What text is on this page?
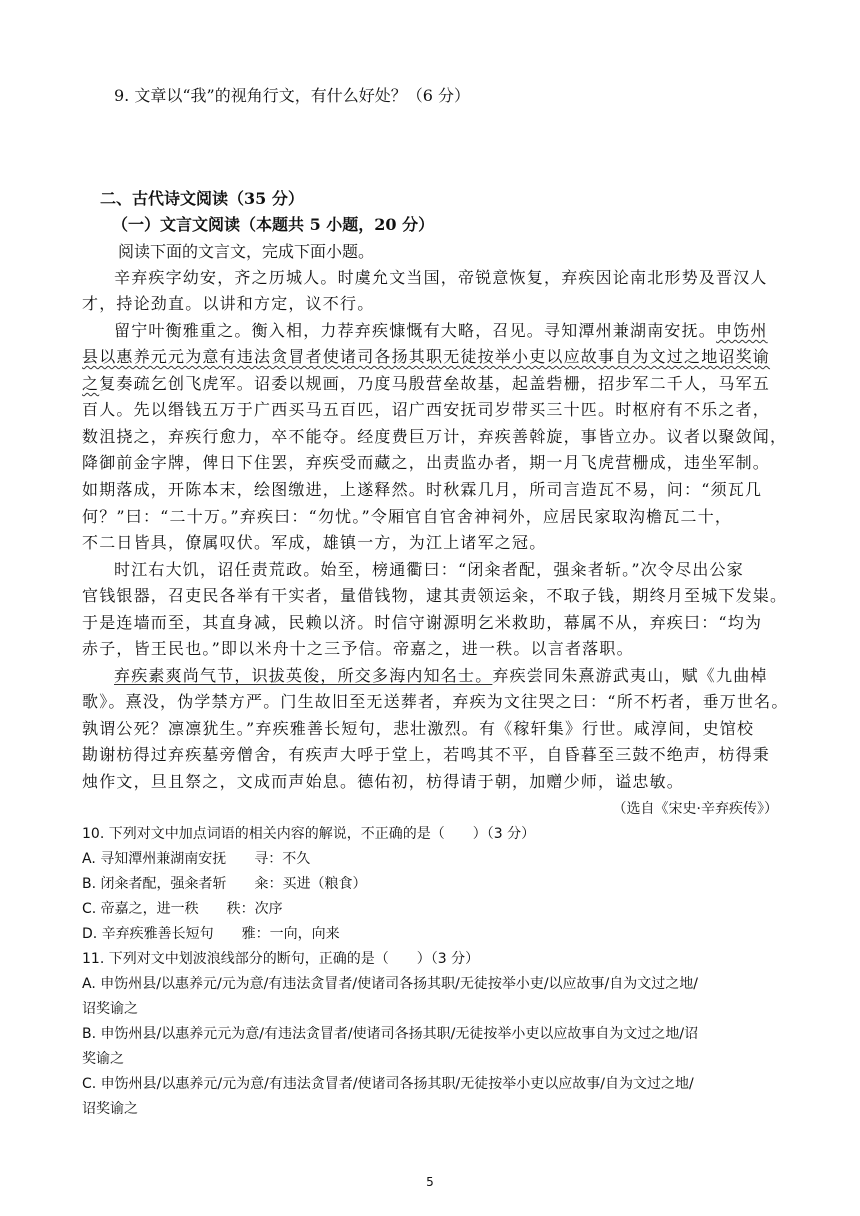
9. 文章以“我”的视角行文，有什么好处？（6 分）
二、古代诗文阅读（35 分）
（一）文言文阅读（本题共 5 小题，20 分）
阅读下面的文言文，完成下面小题。
辛弃疾字幼安，齐之历城人。时虞允文当国，帝锐意恢复，弃疾因论南北形势及晋汉人
才，持论劲直。以讲和方定，议不行。
留宁叶衡雅重之。衡入相，力荐弃疾慷慨有大略，召见。寻知潭州兼湖南安抚。申饬州
县以惠养元元为意有违法贪冒者使诸司各扬其职无徒按举小吏以应故事自为文过之地诏奖谕
之复奏疏乞创飞虎军。诏委以规画，乃度马殷营垒故基，起盖砦栅，招步军二千人，马军五
百人。先以缗钱五万于广西买马五百匹，诏广西安抚司岁带买三十匹。时枢府有不乐之者，
数沮挠之，弃疾行愈力，卒不能夺。经度费巨万计，弃疾善斡旋，事皆立办。议者以聚敛闻，
降御前金字牌，俾日下住罢，弃疾受而藏之，出责监办者，期一月飞虎营栅成，违坐军制。
如期落成，开陈本末，绘图缴进，上遂释然。时秋霖几月，所司言造瓦不易，问：“须瓦几
何？”曰：“二十万。”弃疾曰：“勿忧。”令厢官自官舍神祠外，应居民家取沟檐瓦二十，
不二日皆具，僚属叹伏。军成，雄镇一方，为江上诸军之冠。
时江右大饥，诏任责荒政。始至，榜通衢曰：“闭籴者配，强籴者斩。”次令尽出公家
官钱银器，召吏民各举有干实者，量借钱物，逮其责领运籴，不取子钱，期终月至城下发粜。
于是连墙而至，其直身减，民赖以济。时信守谢源明乞米救助，幕属不从，弃疾曰：“均为
赤子，皆王民也。”即以米舟十之三予信。帝嘉之，进一秩。以言者落职。
弃疾素爽尚气节，识拔英俊，所交多海内知名士。弃疾尝同朱熹游武夷山，赋《九曲棹
歌》。熹没，伪学禁方严。门生故旧至无送葬者，弃疾为文往哭之曰：“所不朽者，垂万世名。
孰谓公死？凛凛犹生。”弃疾雅善长短句，悲壮激烈。有《稼轩集》行世。咸淳间，史馆校
勘谢枋得过弃疾墓旁僧舍，有疾声大呼于堂上，若鸣其不平，自昏暮至三鼓不绝声，枋得秉
烛作文，旦且祭之，文成而声始息。德佑初，枋得请于朝，加赠少师，谥忠敏。
（选自《宋史·辛弃疾传》）
10. 下列对文中加点词语的相关内容的解说，不正确的是（　　）（3 分）
A. 寻知潭州兼湖南安抚　　寻：不久
B. 闭籴者配，强籴者斩　　籴：买进（粮食）
C. 帝嘉之，进一秩　　秩：次序
D. 辛弃疾雅善长短句　　雅：一向，向来
11. 下列对文中划波浪线部分的断句，正确的是（　　）（3 分）
A. 申饬州县/以惠养元/元为意/有违法贪冒者/使诸司各扬其职/无徒按举小吏/以应故事/自为文过之地/
诏奖谕之
B. 申饬州县/以惠养元元为意/有违法贪冒者/使诸司各扬其职/无徒按举小吏以应故事自为文过之地/诏
奖谕之
C. 申饬州县/以惠养元/元为意/有违法贪冒者/使诸司各扬其职/无徒按举小吏以应故事/自为文过之地/
诏奖谕之
5
